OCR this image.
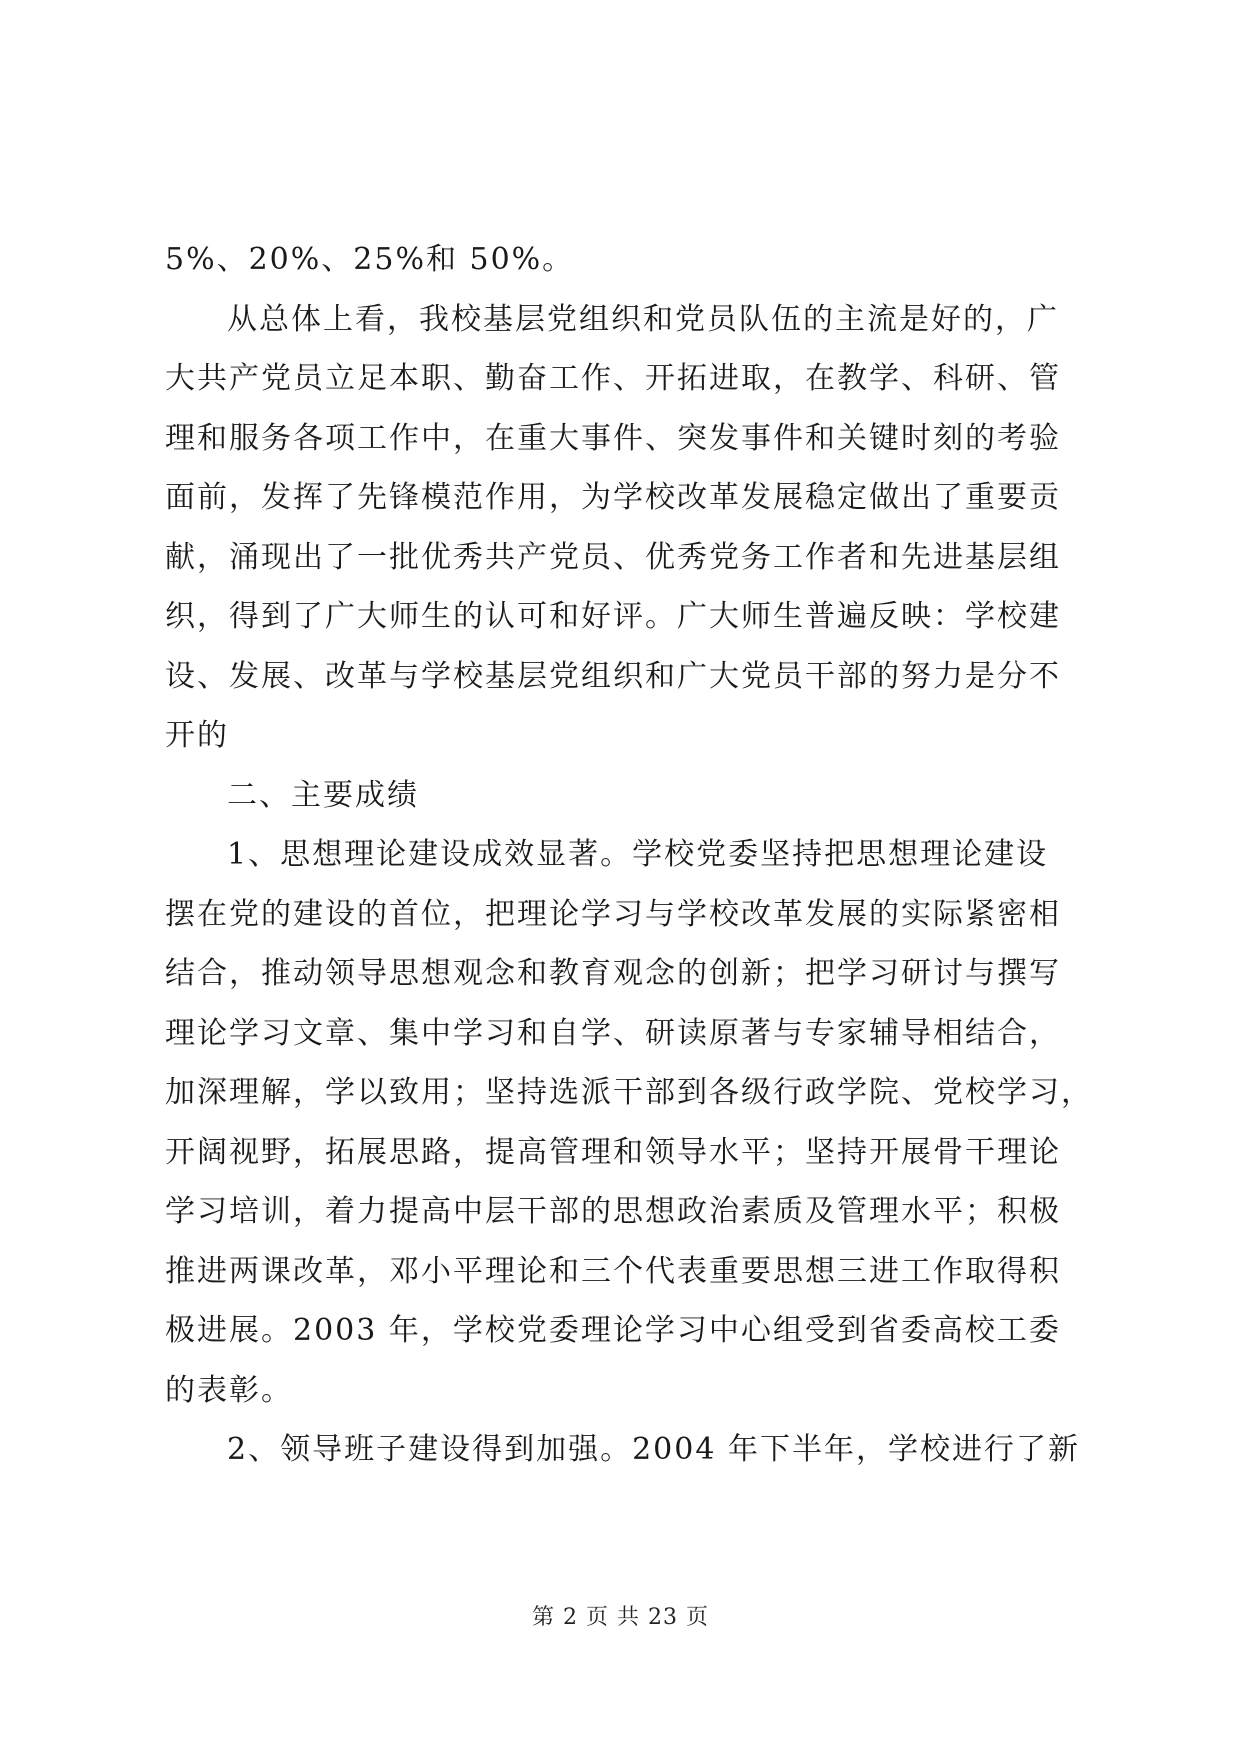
5%、20%、25%和 50%。
从总体上看，我校基层党组织和党员队伍的主流是好的，广
大共产党员立足本职、勤奋工作、开拓进取，在教学、科研、管
理和服务各项工作中，在重大事件、突发事件和关键时刻的考验
面前，发挥了先锋模范作用，为学校改革发展稳定做出了重要贡
献，涌现出了一批优秀共产党员、优秀党务工作者和先进基层组
织，得到了广大师生的认可和好评。广大师生普遍反映：学校建
设、发展、改革与学校基层党组织和广大党员干部的努力是分不
开的
二、主要成绩
1、思想理论建设成效显著。学校党委坚持把思想理论建设
摆在党的建设的首位，把理论学习与学校改革发展的实际紧密相
结合，推动领导思想观念和教育观念的创新；把学习研讨与撰写
理论学习文章、集中学习和自学、研读原著与专家辅导相结合，
加深理解，学以致用；坚持选派干部到各级行政学院、党校学习，
开阔视野，拓展思路，提高管理和领导水平；坚持开展骨干理论
学习培训，着力提高中层干部的思想政治素质及管理水平；积极
推进两课改革，邓小平理论和三个代表重要思想三进工作取得积
极进展。2003 年，学校党委理论学习中心组受到省委高校工委
的表彰。
2、领导班子建设得到加强。2004 年下半年，学校进行了新
第 2 页 共 23 页
